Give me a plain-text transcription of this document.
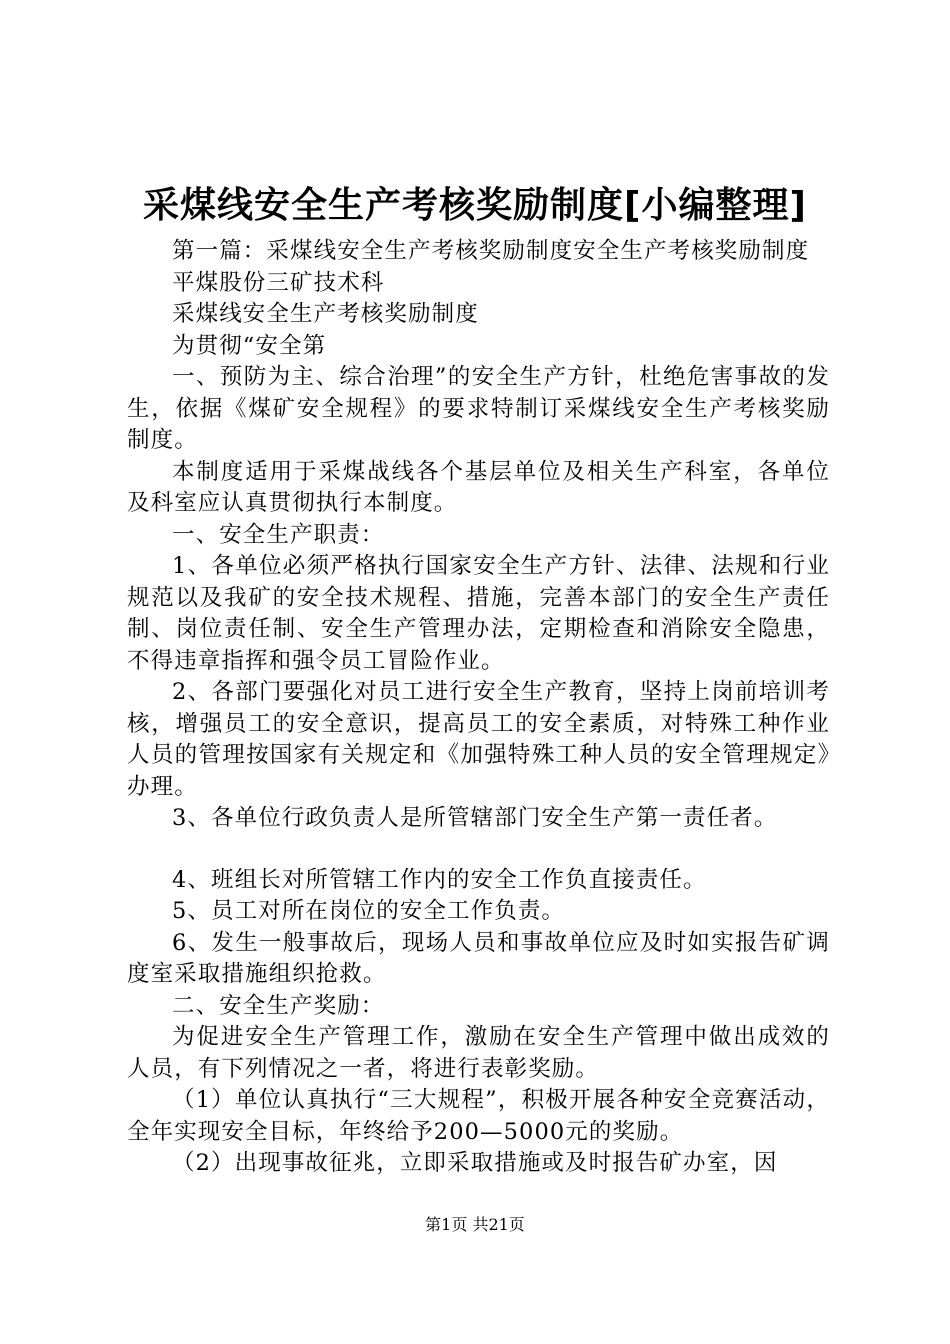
采煤线安全生产考核奖励制度[小编整理]

第一篇：采煤线安全生产考核奖励制度安全生产考核奖励制度

平煤股份三矿技术科

采煤线安全生产考核奖励制度

为贯彻“安全第

一、预防为主、综合治理”的安全生产方针，杜绝危害事故的发生，依据《煤矿安全规程》的要求特制订采煤线安全生产考核奖励制度。

本制度适用于采煤战线各个基层单位及相关生产科室，各单位及科室应认真贯彻执行本制度。

一、安全生产职责：

1、各单位必须严格执行国家安全生产方针、法律、法规和行业规范以及我矿的安全技术规程、措施，完善本部门的安全生产责任制、岗位责任制、安全生产管理办法，定期检查和消除安全隐患，不得违章指挥和强令员工冒险作业。

2、各部门要强化对员工进行安全生产教育，坚持上岗前培训考核，增强员工的安全意识，提高员工的安全素质，对特殊工种作业人员的管理按国家有关规定和《加强特殊工种人员的安全管理规定》办理。

3、各单位行政负责人是所管辖部门安全生产第一责任者。

4、班组长对所管辖工作内的安全工作负直接责任。

5、员工对所在岗位的安全工作负责。

6、发生一般事故后，现场人员和事故单位应及时如实报告矿调度室采取措施组织抢救。

二、安全生产奖励：

为促进安全生产管理工作，激励在安全生产管理中做出成效的人员，有下列情况之一者，将进行表彰奖励。

（1）单位认真执行“三大规程”，积极开展各种安全竞赛活动，全年实现安全目标，年终给予200—5000元的奖励。

（2）出现事故征兆，立即采取措施或及时报告矿办室，因

第1页 共21页
